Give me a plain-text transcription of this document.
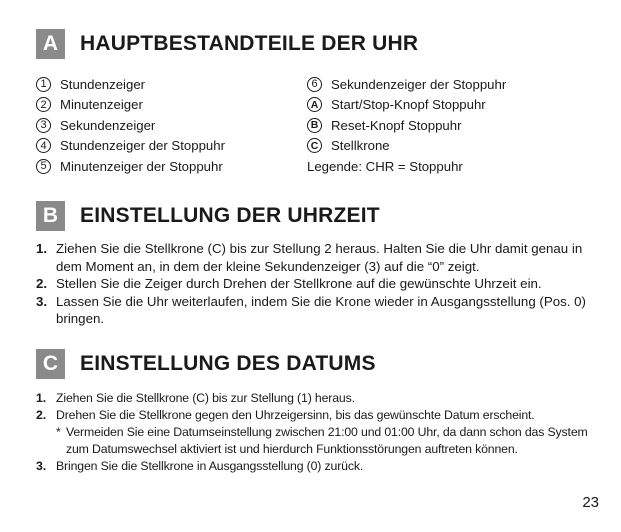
A	HAUPTBESTANDTEILE DER UHR
1	Stundenzeiger
2	Minutenzeiger
3	Sekundenzeiger
4	Stundenzeiger der Stoppuhr
5	Minutenzeiger der Stoppuhr
6	Sekundenzeiger der Stoppuhr
A Start/Stop-Knopf Stoppuhr
B Reset-Knopf Stoppuhr
C Stellkrone
Legende: CHR = Stoppuhr
B	EINSTELLUNG DER UHRZEIT
1. Ziehen Sie die Stellkrone (C) bis zur Stellung 2 heraus. Halten Sie die Uhr damit genau in dem Moment an, in dem der kleine Sekundenzeiger (3) auf die “0” zeigt.
2. Stellen Sie die Zeiger durch Drehen der Stellkrone auf die gewünschte Uhrzeit ein.
3. Lassen Sie die Uhr weiterlaufen, indem Sie die Krone wieder in Ausgangsstellung (Pos. 0) bringen.
C	EINSTELLUNG DES DATUMS
1. Ziehen Sie die Stellkrone (C) bis zur Stellung (1) heraus.
2. Drehen Sie die Stellkrone gegen den Uhrzeigersinn, bis das gewünschte Datum erscheint.
* Vermeiden Sie eine Datumseinstellung zwischen 21:00 und 01:00 Uhr, da dann schon das System zum Datumswechsel aktiviert ist und hierdurch Funktionsstörungen auftreten können.
3. Bringen Sie die Stellkrone in Ausgangsstellung (0) zurück.
23
